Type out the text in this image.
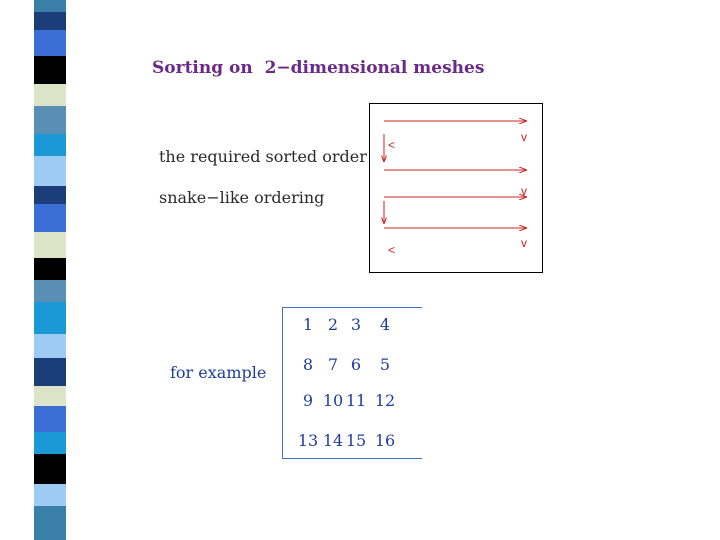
Sorting on  2−dimensional meshes
the required sorted order
snake−like ordering
for example
<
v
v
v
v
<	v
1 2 3	4
8 7 6	5
9 10 11 12
13 14 15 16
